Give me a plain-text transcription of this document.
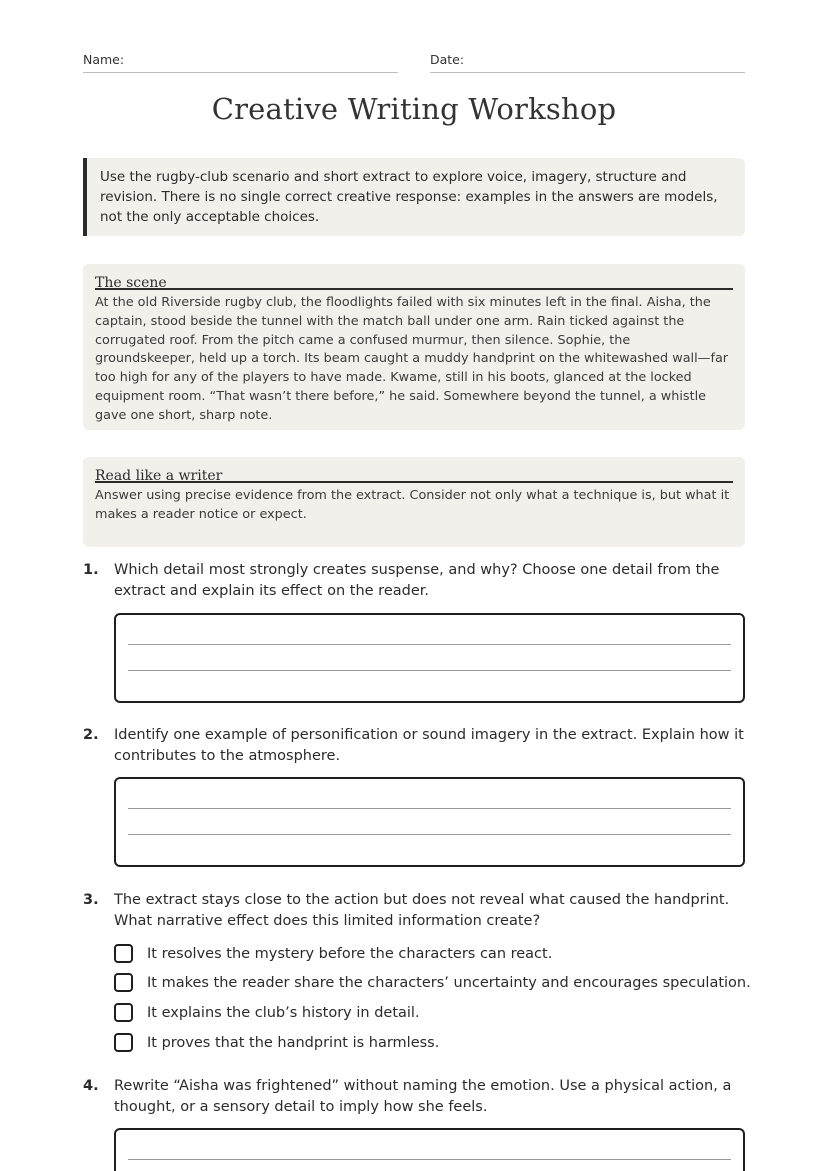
Name:	Date:
Creative Writing Workshop
Use the rugby-club scenario and short extract to explore voice, imagery, structure and revision. There is no single correct creative response: examples in the answers are models, not the only acceptable choices.
The scene
At the old Riverside rugby club, the floodlights failed with six minutes left in the final. Aisha, the captain, stood beside the tunnel with the match ball under one arm. Rain ticked against the corrugated roof. From the pitch came a confused murmur, then silence. Sophie, the groundskeeper, held up a torch. Its beam caught a muddy handprint on the whitewashed wall—far too high for any of the players to have made. Kwame, still in his boots, glanced at the locked equipment room. “That wasn’t there before,” he said. Somewhere beyond the tunnel, a whistle gave one short, sharp note.
Read like a writer
Answer using precise evidence from the extract. Consider not only what a technique is, but what it makes a reader notice or expect.
1. Which detail most strongly creates suspense, and why? Choose one detail from the extract and explain its effect on the reader.
2. Identify one example of personification or sound imagery in the extract. Explain how it contributes to the atmosphere.
3. The extract stays close to the action but does not reveal what caused the handprint. What narrative effect does this limited information create?
It resolves the mystery before the characters can react.
It makes the reader share the characters’ uncertainty and encourages speculation.
It explains the club’s history in detail.
It proves that the handprint is harmless.
4. Rewrite “Aisha was frightened” without naming the emotion. Use a physical action, a thought, or a sensory detail to imply how she feels.
